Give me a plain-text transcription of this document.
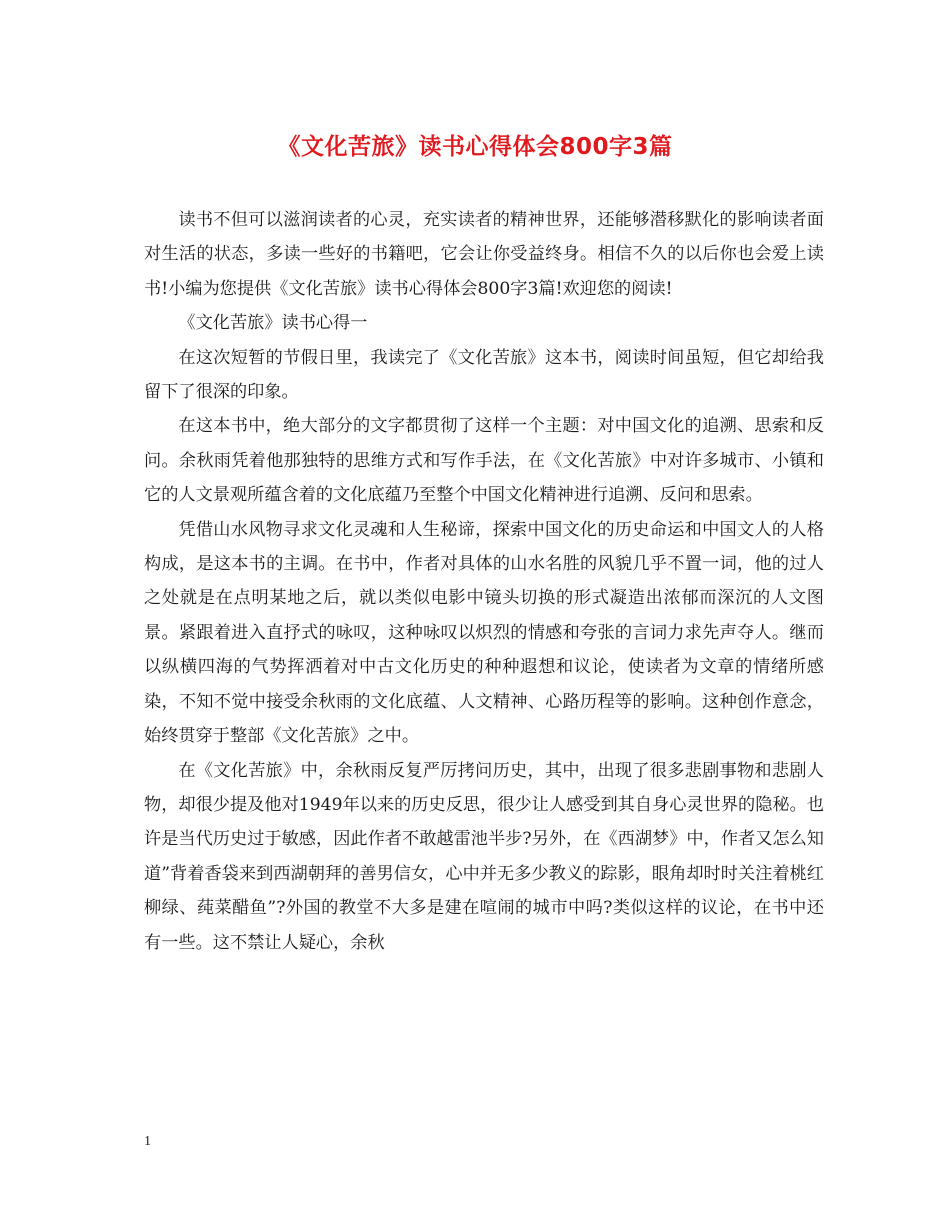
《文化苦旅》读书心得体会800字3篇

读书不但可以滋润读者的心灵，充实读者的精神世界，还能够潜移默化的影响读者面对生活的状态，多读一些好的书籍吧，它会让你受益终身。相信不久的以后你也会爱上读书!小编为您提供《文化苦旅》读书心得体会800字3篇!欢迎您的阅读!

《文化苦旅》读书心得一

在这次短暂的节假日里，我读完了《文化苦旅》这本书，阅读时间虽短，但它却给我留下了很深的印象。

在这本书中，绝大部分的文字都贯彻了这样一个主题：对中国文化的追溯、思索和反问。余秋雨凭着他那独特的思维方式和写作手法，在《文化苦旅》中对许多城市、小镇和它的人文景观所蕴含着的文化底蕴乃至整个中国文化精神进行追溯、反问和思索。

凭借山水风物寻求文化灵魂和人生秘谛，探索中国文化的历史命运和中国文人的人格构成，是这本书的主调。在书中，作者对具体的山水名胜的风貌几乎不置一词，他的过人之处就是在点明某地之后，就以类似电影中镜头切换的形式凝造出浓郁而深沉的人文图景。紧跟着进入直抒式的咏叹，这种咏叹以炽烈的情感和夸张的言词力求先声夺人。继而以纵横四海的气势挥洒着对中古文化历史的种种遐想和议论，使读者为文章的情绪所感染，不知不觉中接受余秋雨的文化底蕴、人文精神、心路历程等的影响。这种创作意念，始终贯穿于整部《文化苦旅》之中。

在《文化苦旅》中，余秋雨反复严厉拷问历史，其中，出现了很多悲剧事物和悲剧人物，却很少提及他对1949年以来的历史反思，很少让人感受到其自身心灵世界的隐秘。也许是当代历史过于敏感，因此作者不敢越雷池半步?另外，在《西湖梦》中，作者又怎么知道”背着香袋来到西湖朝拜的善男信女，心中并无多少教义的踪影，眼角却时时关注着桃红柳绿、莼菜醋鱼”?外国的教堂不大多是建在喧闹的城市中吗?类似这样的议论，在书中还有一些。这不禁让人疑心，余秋

1
